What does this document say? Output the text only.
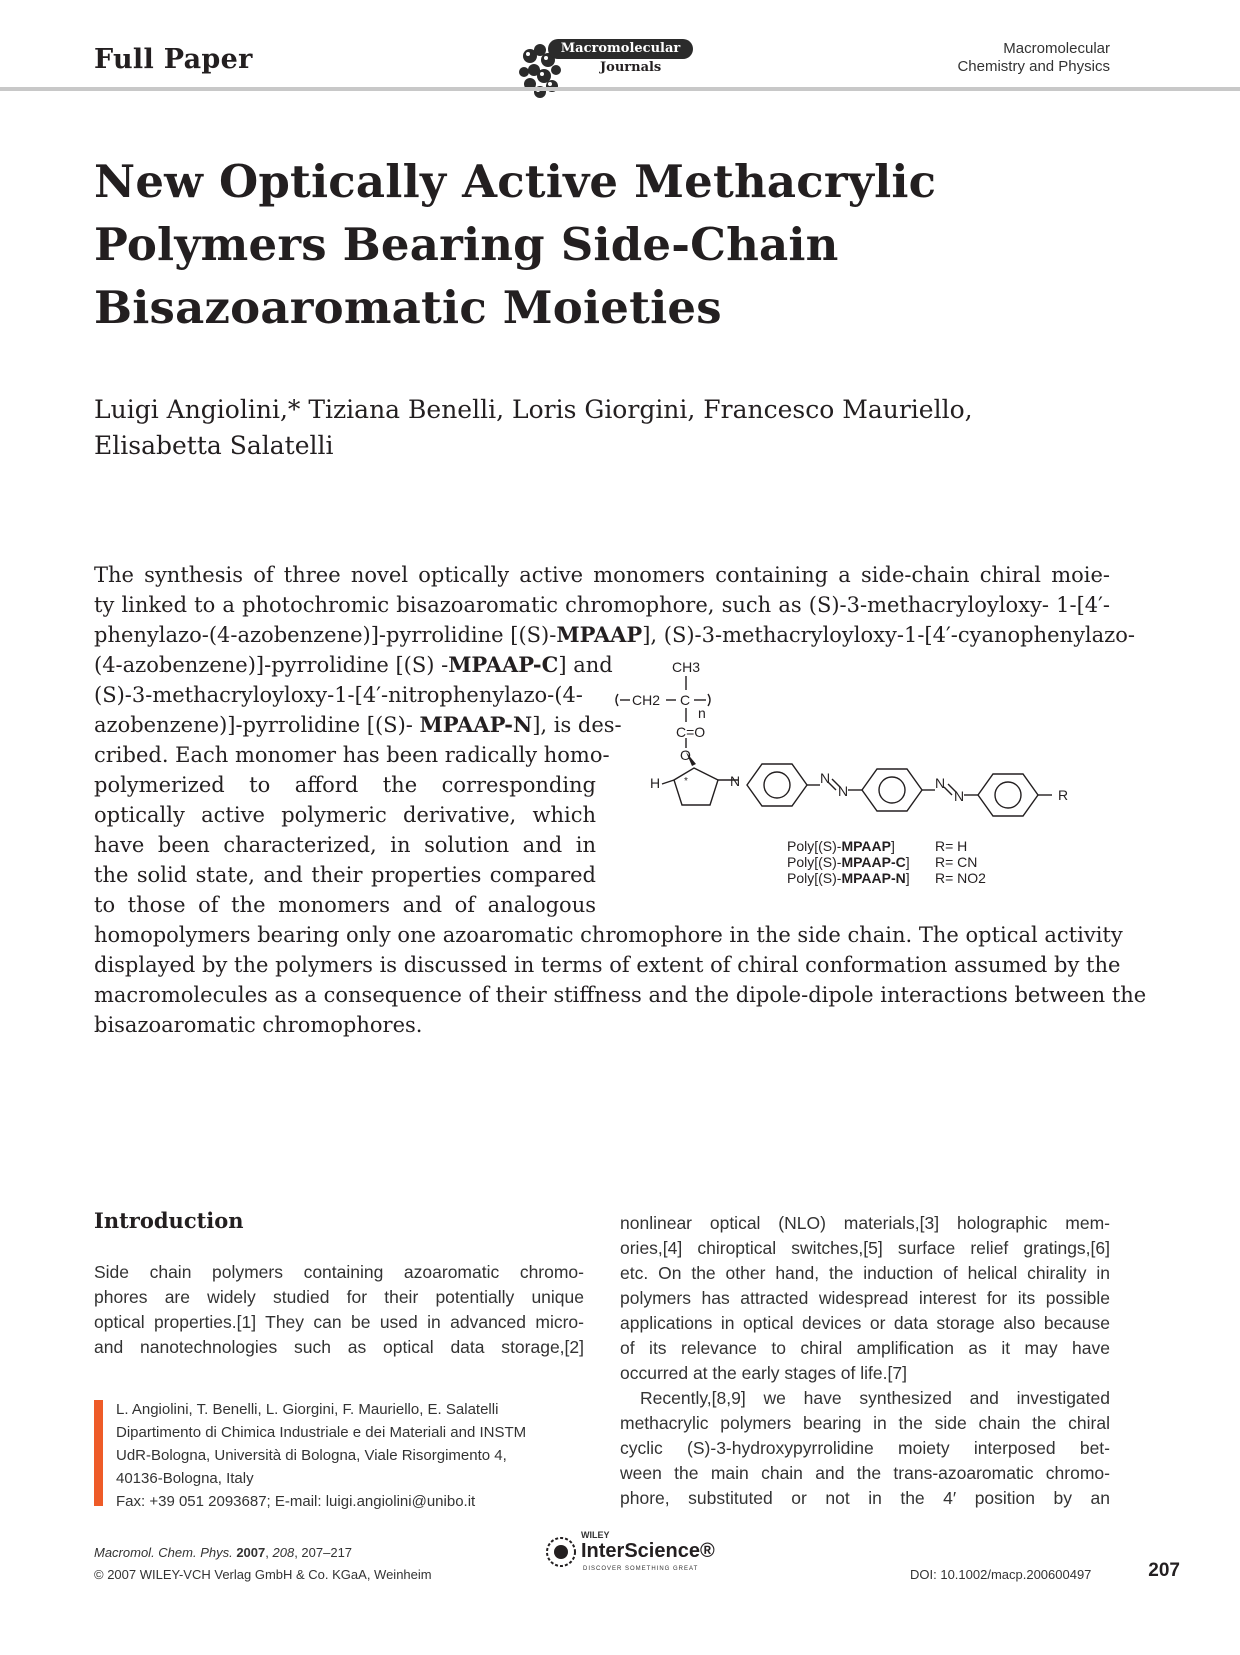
Full Paper	Macromolecular
Journals
Macromolecular
Chemistry and Physics
New Optically Active Methacrylic Polymers Bearing Side-Chain Bisazoaromatic Moieties
Luigi Angiolini,* Tiziana Benelli, Loris Giorgini, Francesco Mauriello,
Elisabetta Salatelli
The synthesis of three novel optically active monomers containing a side-chain chiral moie-
ty linked to a photochromic bisazoaromatic chromophore, such as (S)-3-methacryloyloxy- 1-[4′-
phenylazo-(4-azobenzene)]-pyrrolidine [(S)-MPAAP], (S)-3-methacryloyloxy-1-[4′-cyanophenylazo-
(4-azobenzene)]-pyrrolidine [(S) -MPAAP-C] and
(S)-3-methacryloyloxy-1-[4′-nitrophenylazo-(4-
azobenzene)]-pyrrolidine [(S)- MPAAP-N], is des-
cribed. Each monomer has been radically homo-
polymerized to afford the corresponding
optically active polymeric derivative, which
have been characterized, in solution and in
the solid state, and their properties compared
to those of the monomers and of analogous
homopolymers bearing only one azoaromatic chromophore in the side chain. The optical activity
displayed by the polymers is discussed in terms of extent of chiral conformation assumed by the
macromolecules as a consequence of their stiffness and the dipole-dipole interactions between the
bisazoaromatic chromophores.
CH3
CH2 C
n
C=O
O
H *	N	N
N	N
N	R
Poly[(S)-MPAAP]	R= H
Poly[(S)-MPAAP-C]	R= CN
Poly[(S)-MPAAP-N]	R= NO2
Introduction
Side chain polymers containing azoaromatic chromo-
phores are widely studied for their potentially unique
optical properties.[1] They can be used in advanced micro-
and nanotechnologies such as optical data storage,[2]
nonlinear optical (NLO) materials,[3] holographic mem-
ories,[4] chiroptical switches,[5] surface relief gratings,[6]
etc. On the other hand, the induction of helical chirality in
polymers has attracted widespread interest for its possible
applications in optical devices or data storage also because
of its relevance to chiral amplification as it may have
occurred at the early stages of life.[7]
Recently,[8,9] we have synthesized and investigated
methacrylic polymers bearing in the side chain the chiral
cyclic (S)-3-hydroxypyrrolidine moiety interposed bet-
ween the main chain and the trans-azoaromatic chromo-
phore, substituted or not in the 4′ position by an
L. Angiolini, T. Benelli, L. Giorgini, F. Mauriello, E. Salatelli
Dipartimento di Chimica Industriale e dei Materiali and INSTM
UdR-Bologna, Università di Bologna, Viale Risorgimento 4,
40136-Bologna, Italy
Fax: +39 051 2093687; E-mail: luigi.angiolini@unibo.it
Macromol. Chem. Phys. 2007, 208, 207–217
© 2007 WILEY-VCH Verlag GmbH & Co. KGaA, Weinheim
WILEY
InterScience®
DISCOVER SOMETHING GREAT	DOI: 10.1002/macp.200600497	207
